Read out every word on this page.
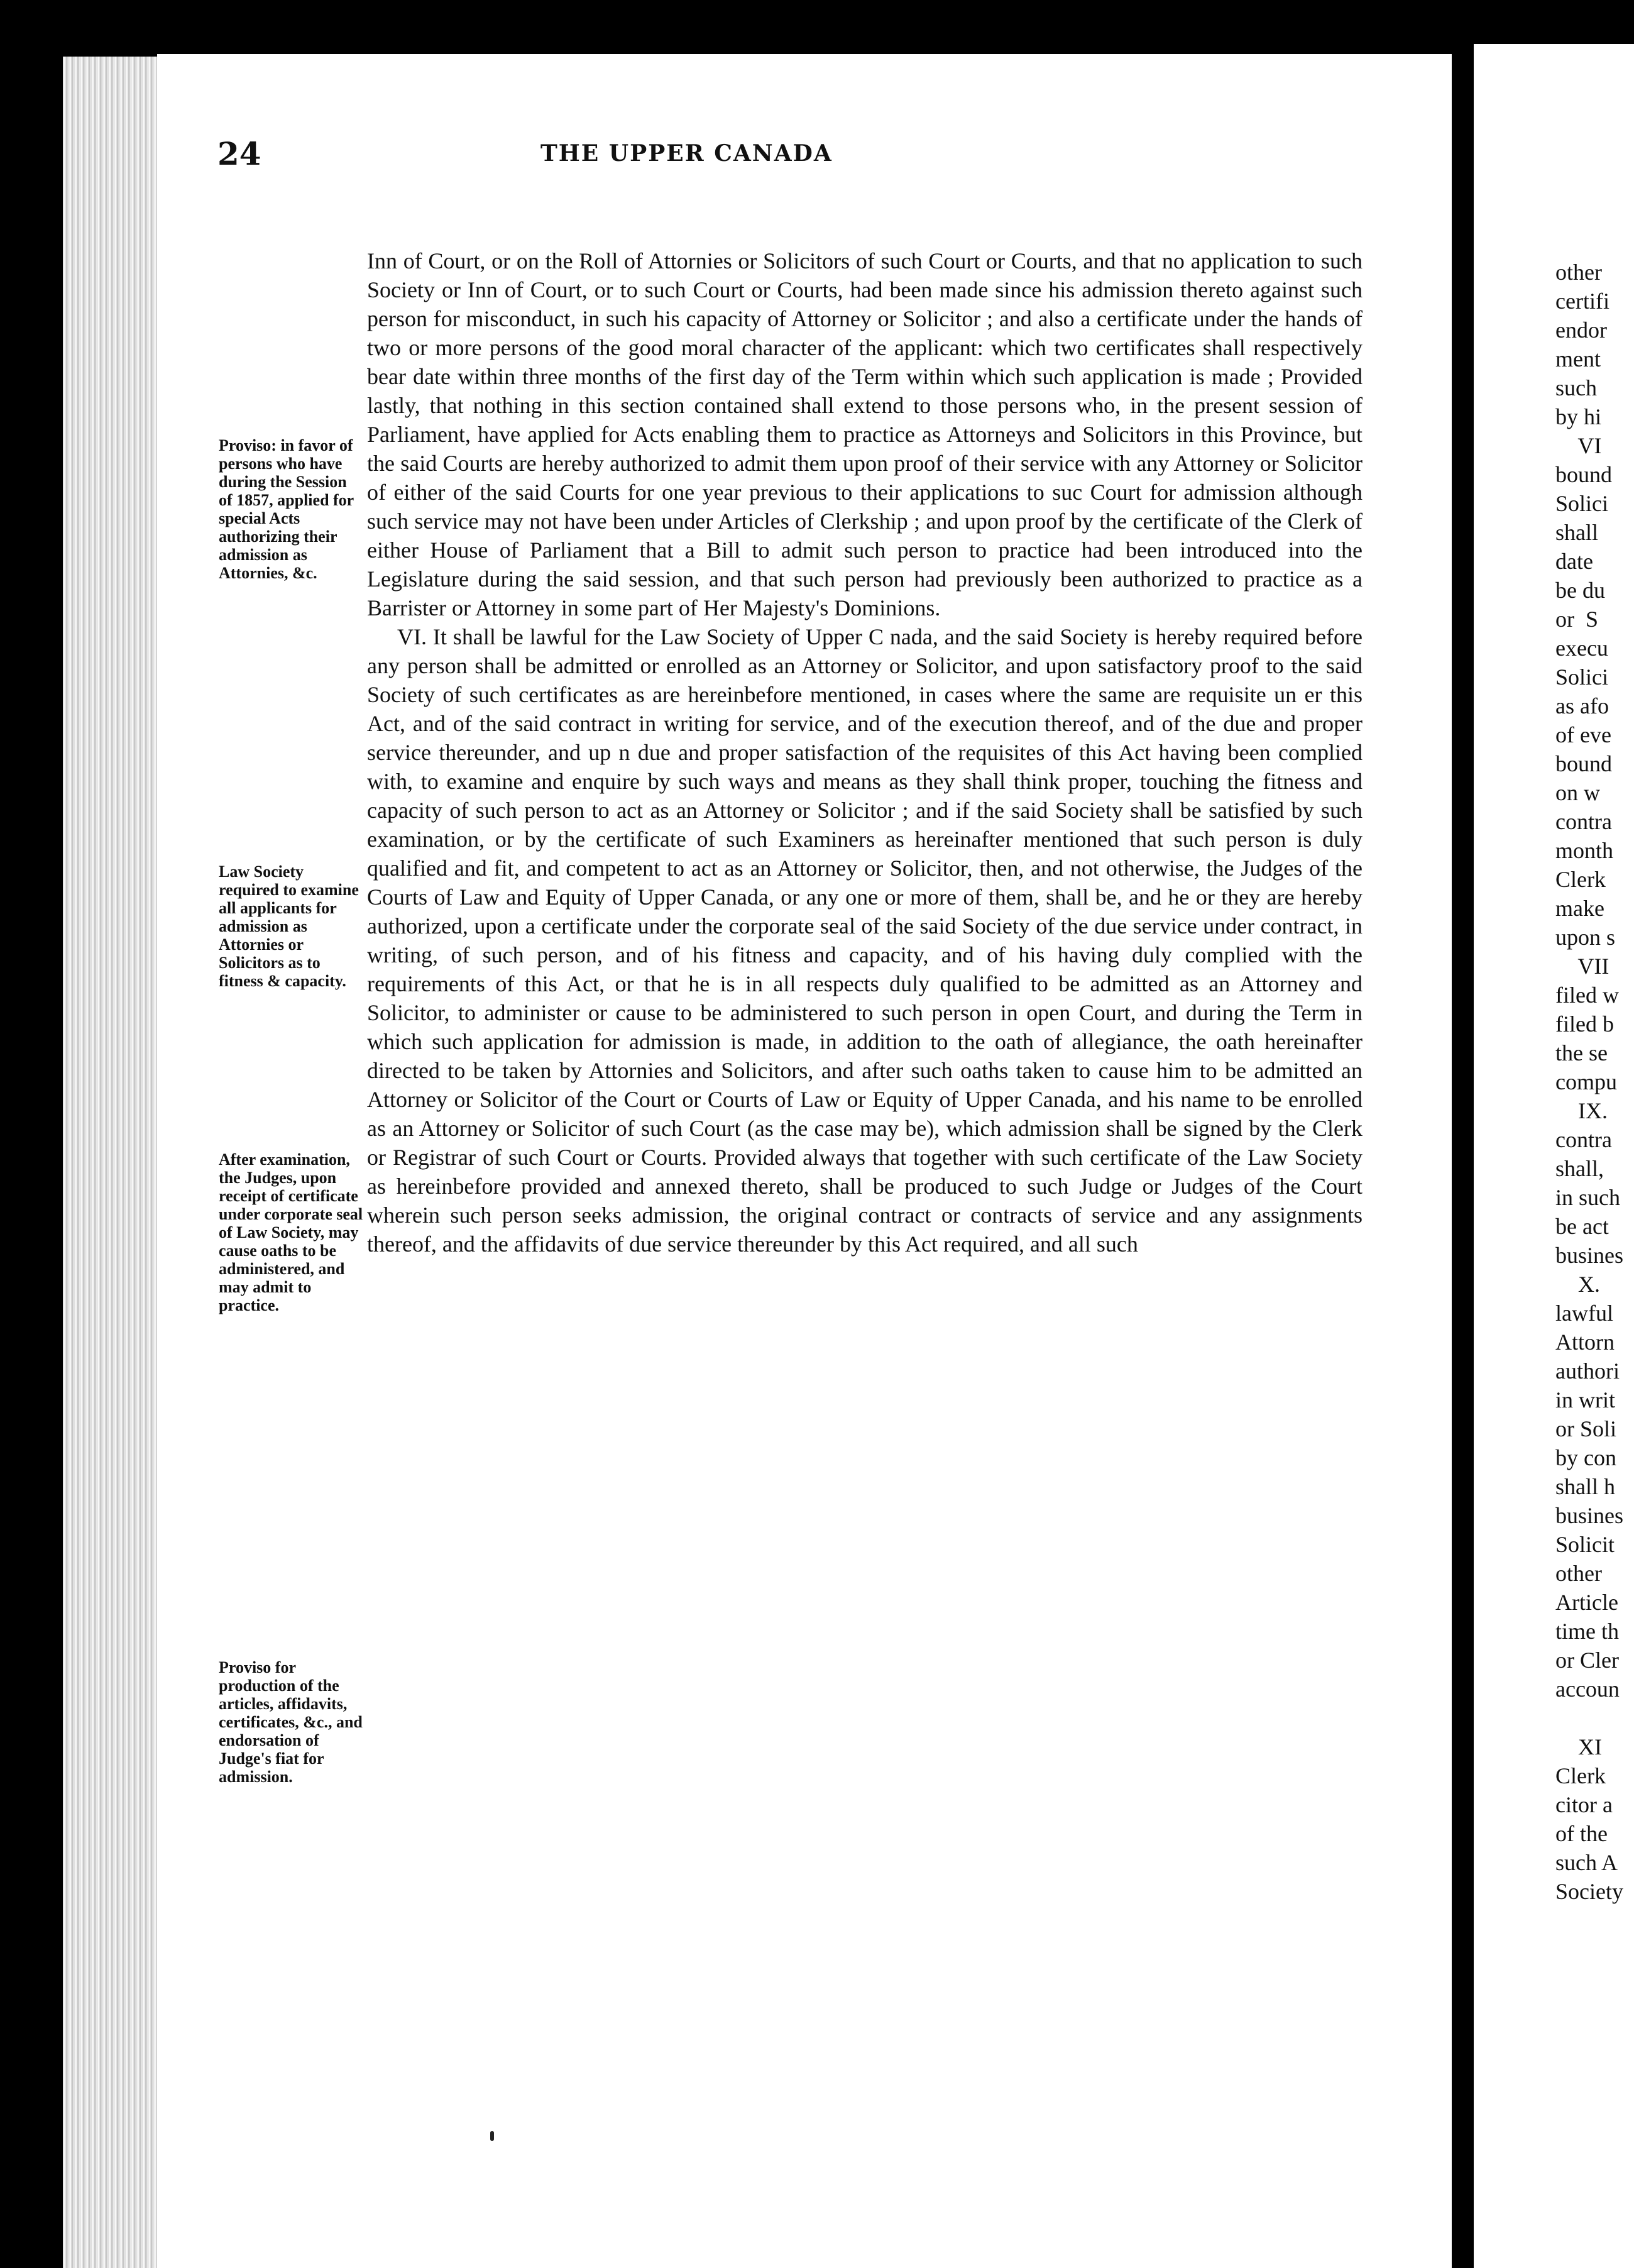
24	THE UPPER CANADA
Proviso: in favor of persons who have during the Session of 1857, applied for special Acts authorizing their admission as Attornies, &c.
Law Society required to examine all applicants for admission as Attornies or Solicitors as to fitness & capacity.
After examination, the Judges, upon receipt of certificate under corporate seal of Law Society, may cause oaths to be administered, and may admit to practice.
Proviso for production of the articles, affidavits, certificates, &c., and endorsation of Judge's fiat for admission.

Inn of Court, or on the Roll of Attornies or Solicitors of such Court or Courts, and that no application to such Society or Inn of Court, or to such Court or Courts, had been made since his admission thereto against such person for misconduct, in such his capacity of Attorney or Solicitor ; and also a certificate under the hands of two or more persons of the good moral character of the applicant: which two certificates shall respectively bear date within three months of the first day of the Term within which such application is made ; Provided lastly, that nothing in this section contained shall extend to those persons who, in the present session of Parliament, have applied for Acts enabling them to practice as Attorneys and Solicitors in this Province, but the said Courts are hereby authorized to admit them upon proof of their service with any Attorney or Solicitor of either of the said Courts for one year previous to their applications to suc Court for admission although such service may not have been under Articles of Clerkship ; and upon proof by the certificate of the Clerk of either House of Parliament that a Bill to admit such person to practice had been introduced into the Legislature during the said session, and that such person had previously been authorized to practice as a Barrister or Attorney in some part of Her Majesty's Dominions.

VI. It shall be lawful for the Law Society of Upper C nada, and the said Society is hereby required before any person shall be admitted or enrolled as an Attorney or Solicitor, and upon satisfactory proof to the said Society of such certificates as are hereinbefore mentioned, in cases where the same are requisite un er this Act, and of the said contract in writing for service, and of the execution thereof, and of the due and proper service thereunder, and up n due and proper satisfaction of the requisites of this Act having been complied with, to examine and enquire by such ways and means as they shall think proper, touching the fitness and capacity of such person to act as an Attorney or Solicitor ; and if the said Society shall be satisfied by such examination, or by the certificate of such Examiners as hereinafter mentioned that such person is duly qualified and fit, and competent to act as an Attorney or Solicitor, then, and not otherwise, the Judges of the Courts of Law and Equity of Upper Canada, or any one or more of them, shall be, and he or they are hereby authorized, upon a certificate under the corporate seal of the said Society of the due service under contract, in writing, of such person, and of his fitness and capacity, and of his having duly complied with the requirements of this Act, or that he is in all respects duly qualified to be admitted as an Attorney and Solicitor, to administer or cause to be administered to such person in open Court, and during the Term in which such application for admission is made, in addition to the oath of allegiance, the oath hereinafter directed to be taken by Attornies and Solicitors, and after such oaths taken to cause him to be admitted an Attorney or Solicitor of the Court or Courts of Law or Equity of Upper Canada, and his name to be enrolled as an Attorney or Solicitor of such Court (as the case may be), which admission shall be signed by the Clerk or Registrar of such Court or Courts. Provided always that together with such certificate of the Law Society as hereinbefore provided and annexed thereto, shall be produced to such Judge or Judges of the Court wherein such person seeks admission, the original contract or contracts of service and any assignments thereof, and the affidavits of due service thereunder by this Act required, and all such

other
certifi
endor
ment
such
by hi
VI
bound
Solici
shall
date
be du
or  S
execu
Solici
as afo
of eve
bound
on w
contra
month
Clerk
make
upon s
VII
filed w
filed b
the se
compu
IX.
contra
shall,
in such
be act
busines
X.
lawful
Attorn
authori
in writ
or Soli
by con
shall h
busines
Solicit
other
Article
time th
or Cler
accoun

XI
Clerk
citor a
of the
such A
Society
